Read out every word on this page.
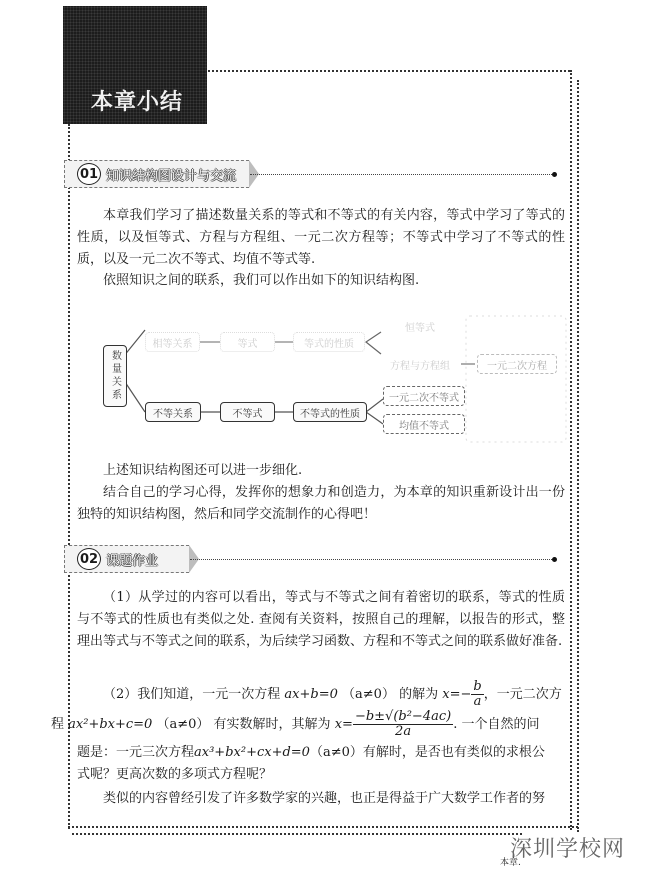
本章小结
01 知识结构图设计与交流
本章我们学习了描述数量关系的等式和不等式的有关内容，等式中学习了等式的性质，以及恒等式、方程与方程组、一元二次方程等；不等式中学习了不等式的性质，以及一元二次不等式、均值不等式等.
依照知识之间的联系，我们可以作出如下的知识结构图.
数量关系
相等关系	等式	等式的性质
恒等式
方程与方程组	一元二次方程
不等关系	不等式	不等式的性质
一元二次不等式
均值不等式
上述知识结构图还可以进一步细化.
结合自己的学习心得，发挥你的想象力和创造力，为本章的知识重新设计出一份独特的知识结构图，然后和同学交流制作的心得吧！
02 课题作业
（1）从学过的内容可以看出，等式与不等式之间有着密切的联系，等式的性质与不等式的性质也有类似之处. 查阅有关资料，按照自己的理解，以报告的形式，整理出等式与不等式之间的联系，为后续学习函数、方程和不等式之间的联系做好准备.
（2）我们知道，一元一次方程 ax+b=0 （a≠0） 的解为 $x=- \frac{b}{a}$ ，一元二次方
程 ax²+bx+c=0 （a≠0） 有实数解时，其解为 $x= \frac{\text{−b±√(b²−4ac)}}{2a}$ . 一个自然的问
题是：一元三次方程ax³+bx²+cx+d=0（a≠0）有解时，是否也有类似的求根公
式呢？更高次数的多项式方程呢？
类似的内容曾经引发了许多数学家的兴趣，也正是得益于广大数学工作者的努
深圳学校网
本章.
